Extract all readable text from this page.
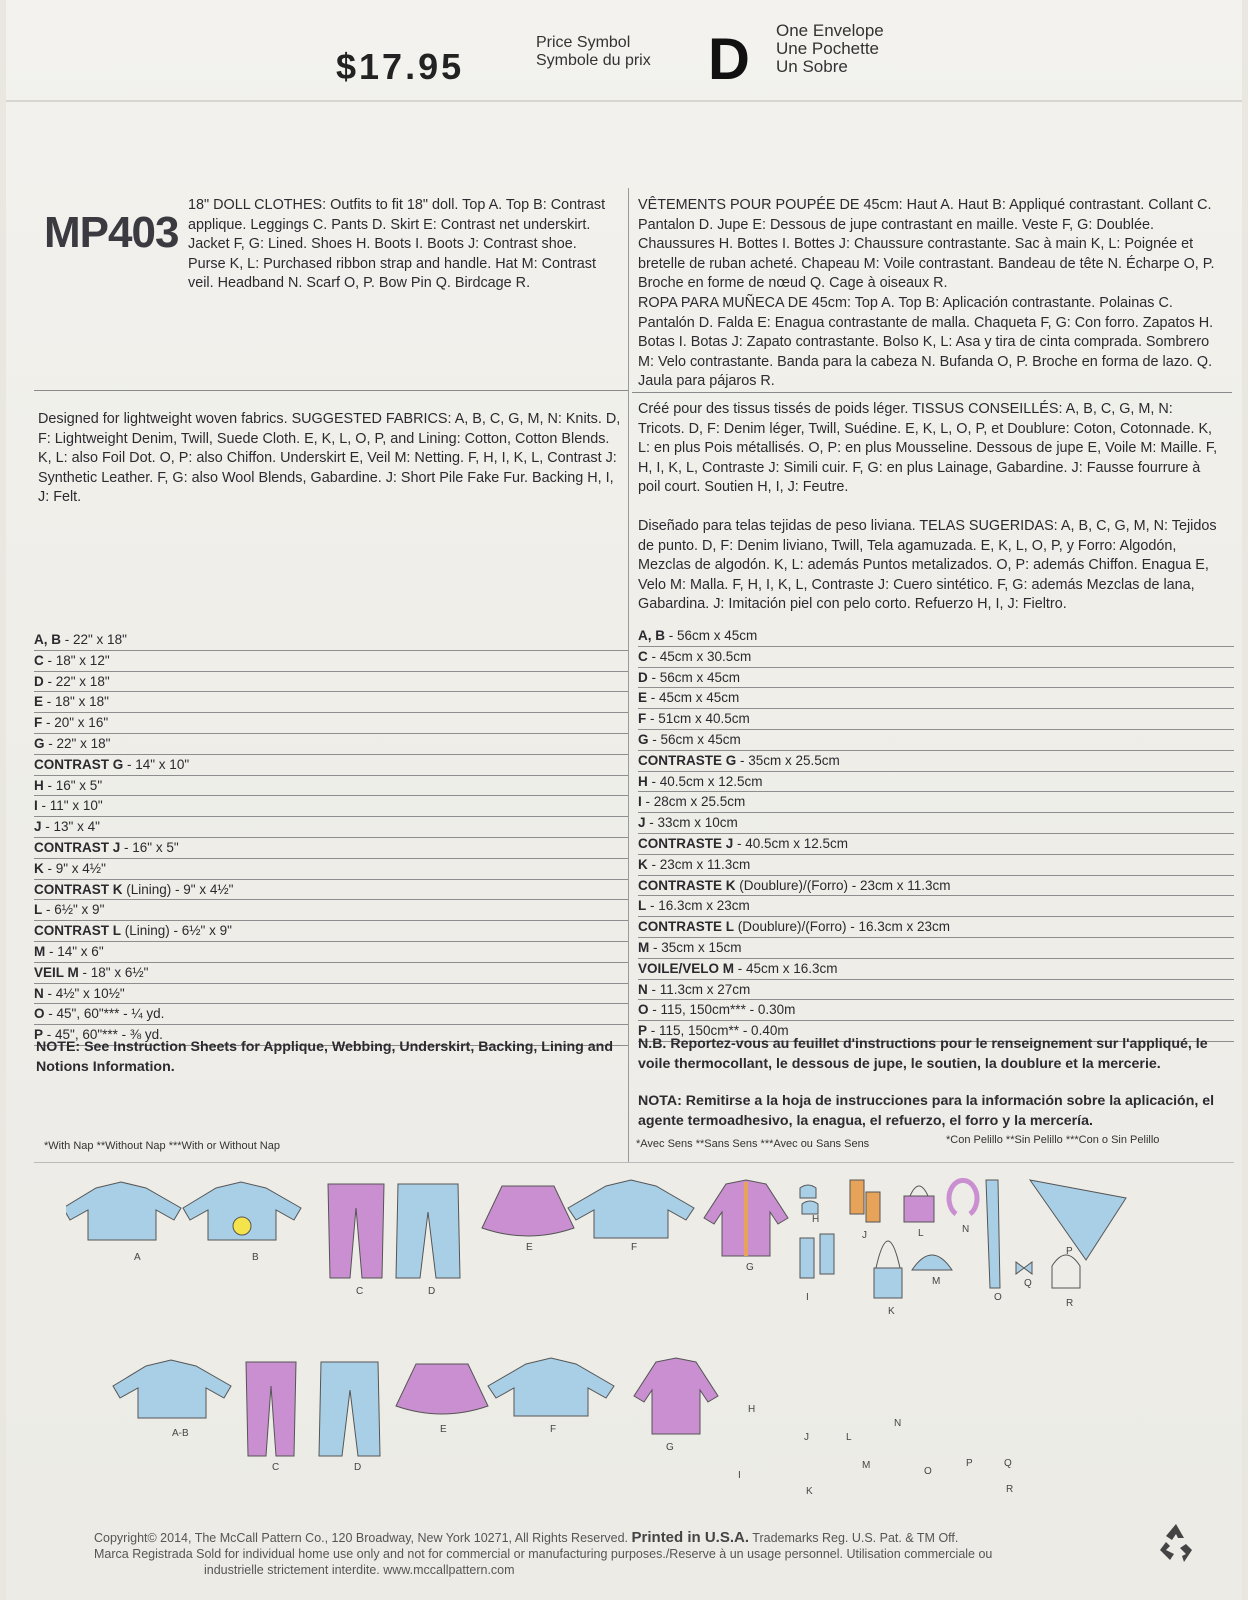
$17.95
Price Symbol
Symbole du prix D One Envelope
Une Pochette
Un Sobre
MP403
18" DOLL CLOTHES: Outfits to fit 18" doll. Top A. Top B: Contrast applique. Leggings C. Pants D. Skirt E: Contrast net underskirt. Jacket F, G: Lined. Shoes H. Boots I. Boots J: Contrast shoe. Purse K, L: Purchased ribbon strap and handle. Hat M: Contrast veil. Headband N. Scarf O, P. Bow Pin Q. Birdcage R.
VÊTEMENTS POUR POUPÉE DE 45cm: Haut A. Haut B: Appliqué contrastant. Collant C. Pantalon D. Jupe E: Dessous de jupe contrastant en maille. Veste F, G: Doublée. Chaussures H. Bottes I. Bottes J: Chaussure contrastante. Sac à main K, L: Poignée et bretelle de ruban acheté. Chapeau M: Voile contrastant. Bandeau de tête N. Écharpe O, P. Broche en forme de nœud Q. Cage à oiseaux R.
ROPA PARA MUÑECA DE 45cm: Top A. Top B: Aplicación contrastante. Polainas C. Pantalón D. Falda E: Enagua contrastante de malla. Chaqueta F, G: Con forro. Zapatos H. Botas I. Botas J: Zapato contrastante. Bolso K, L: Asa y tira de cinta comprada. Sombrero M: Velo contrastante. Banda para la cabeza N. Bufanda O, P. Broche en forma de lazo. Q. Jaula para pájaros R.
Designed for lightweight woven fabrics. SUGGESTED FABRICS: A, B, C, G, M, N: Knits. D, F: Lightweight Denim, Twill, Suede Cloth. E, K, L, O, P, and Lining: Cotton, Cotton Blends. K, L: also Foil Dot. O, P: also Chiffon. Underskirt E, Veil M: Netting. F, H, I, K, L, Contrast J: Synthetic Leather. F, G: also Wool Blends, Gabardine. J: Short Pile Fake Fur. Backing H, I, J: Felt.
Créé pour des tissus tissés de poids léger. TISSUS CONSEILLÉS: A, B, C, G, M, N: Tricots. D, F: Denim léger, Twill, Suédine. E, K, L, O, P, et Doublure: Coton, Cotonnade. K, L: en plus Pois métallisés. O, P: en plus Mousseline. Dessous de jupe E, Voile M: Maille. F, H, I, K, L, Contraste J: Simili cuir. F, G: en plus Lainage, Gabardine. J: Fausse fourrure à poil court. Soutien H, I, J: Feutre.
Diseñado para telas tejidas de peso liviana. TELAS SUGERIDAS: A, B, C, G, M, N: Tejidos de punto. D, F: Denim liviano, Twill, Tela agamuzada. E, K, L, O, P, y Forro: Algodón, Mezclas de algodón. K, L: además Puntos metalizados. O, P: además Chiffon. Enagua E, Velo M: Malla. F, H, I, K, L, Contraste J: Cuero sintético. F, G: además Mezclas de lana, Gabardina. J: Imitación piel con pelo corto. Refuerzo H, I, J: Fieltro.
A, B - 22" x 18"
C - 18" x 12"
D - 22" x 18"
E - 18" x 18"
F - 20" x 16"
G - 22" x 18"
CONTRAST G - 14" x 10"
H - 16" x 5"
I - 11" x 10"
J - 13" x 4"
CONTRAST J - 16" x 5"
K - 9" x 4½"
CONTRAST K (Lining) - 9" x 4½"
L - 6½" x 9"
CONTRAST L (Lining) - 6½" x 9"
M - 14" x 6"
VEIL M - 18" x 6½"
N - 4½" x 10½"
O - 45", 60"*** - ¼ yd.
P - 45", 60"*** - ⅜ yd.
A, B - 56cm x 45cm
C - 45cm x 30.5cm
D - 56cm x 45cm
E - 45cm x 45cm
F - 51cm x 40.5cm
G - 56cm x 45cm
CONTRASTE G - 35cm x 25.5cm
H - 40.5cm x 12.5cm
I - 28cm x 25.5cm
J - 33cm x 10cm
CONTRASTE J - 40.5cm x 12.5cm
K - 23cm x 11.3cm
CONTRASTE K (Doublure)/(Forro) - 23cm x 11.3cm
L - 16.3cm x 23cm
CONTRASTE L (Doublure)/(Forro) - 16.3cm x 23cm
M - 35cm x 15cm
VOILE/VELO M - 45cm x 16.3cm
N - 11.3cm x 27cm
O - 115, 150cm*** - 0.30m
P - 115, 150cm** - 0.40m
NOTE: See Instruction Sheets for Applique, Webbing, Underskirt, Backing, Lining and Notions Information.
N.B. Reportez-vous au feuillet d'instructions pour le renseignement sur l'appliqué, le voile thermocollant, le dessous de jupe, le soutien, la doublure et la mercerie.
NOTA: Remitirse a la hoja de instrucciones para la información sobre la aplicación, el agente termoadhesivo, la enagua, el refuerzo, el forro y la mercería.
*With Nap **Without Nap ***With or Without Nap	*Avec Sens **Sans Sens ***Avec ou Sans Sens	*Con Pelillo **Sin Pelillo ***Con o Sin Pelillo
A	B
C	D
E	F
G
H
I
J
K
L
M
N
O
P
Q
R
A-B
C	D
E	F
G
H
I
J
K
L
M
N
O
P	Q
R
Copyright© 2014, The McCall Pattern Co., 120 Broadway, New York 10271, All Rights Reserved. Printed in U.S.A. Trademarks Reg. U.S. Pat. & TM Off.
Marca Registrada Sold for individual home use only and not for commercial or manufacturing purposes./Reserve à un usage personnel. Utilisation commerciale ou
industrielle strictement interdite. www.mccallpattern.com
